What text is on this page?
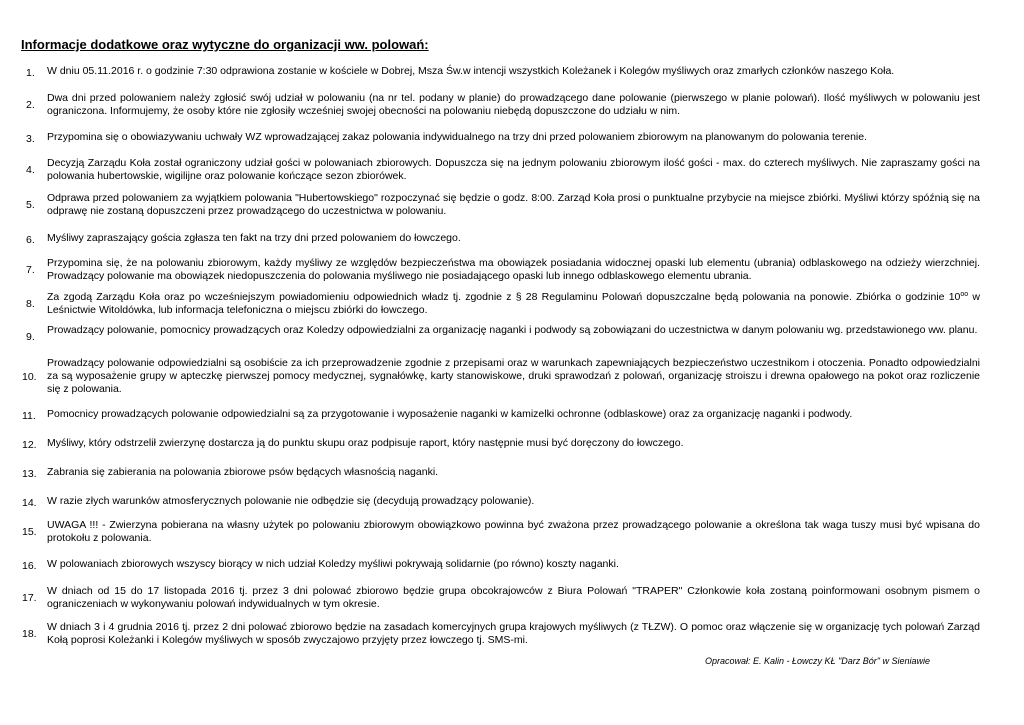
Informacje dodatkowe oraz wytyczne do organizacji ww. polowań:
1. W dniu 05.11.2016 r. o godzinie 7:30 odprawiona zostanie w kościele w Dobrej, Msza Św.w intencji wszystkich Koleżanek i Kolegów myśliwych oraz zmarłych członków naszego Koła.
2.
Dwa dni przed polowaniem należy zgłosić swój udział w polowaniu (na nr tel. podany w planie) do prowadzącego dane polowanie (pierwszego w planie polowań). Ilość myśliwych w polowaniu jest ograniczona. Informujemy, że osoby które nie zgłosiły wcześniej swojej obecności na polowaniu niebędą dopuszczone do udziału w nim.
3. Przypomina się o obowiazywaniu uchwały WZ wprowadzającej zakaz polowania indywidualnego na trzy dni przed polowaniem zbiorowym na planowanym do polowania terenie.
4.
Decyzją Zarządu Koła został ograniczony udział gości w polowaniach zbiorowych. Dopuszcza się na jednym polowaniu zbiorowym ilość gości - max. do czterech myśliwych. Nie zapraszamy gości na polowania hubertowskie, wigilijne oraz polowanie kończące sezon zbiorówek.
5.
Odprawa przed polowaniem za wyjątkiem polowania "Hubertowskiego" rozpoczynać się będzie o godz. 8:00. Zarząd Koła prosi o punktualne przybycie na miejsce zbiórki. Myśliwi którzy spóźnią się na odprawę nie zostaną dopuszczeni przez prowadzącego do uczestnictwa w polowaniu.
6. Myśliwy zapraszający gościa zgłasza ten fakt na trzy dni przed polowaniem do łowczego.
7.
Przypomina się, że na polowaniu zbiorowym, każdy myśliwy ze względów bezpieczeństwa ma obowiązek posiadania widocznej opaski lub elementu (ubrania) odblaskowego na odzieży wierzchniej. Prowadzący polowanie ma obowiązek niedopuszczenia do polowania myśliwego nie posiadającego opaski lub innego odblaskowego elementu ubrania.
8.
Za zgodą Zarządu Koła oraz po wcześniejszym powiadomieniu odpowiednich władz tj. zgodnie z § 28 Regulaminu Polowań dopuszczalne będą polowania na ponowie. Zbiórka o godzinie $10^{oo}$ w Leśnictwie Witoldówka, lub informacja telefoniczna o miejscu zbiórki do łowczego.
9.
Prowadzący polowanie, pomocnicy prowadzących oraz Koledzy odpowiedzialni za organizację naganki i podwody są zobowiązani do uczestnictwa w danym polowaniu wg. przedstawionego ww. planu.
10.
Prowadzący polowanie odpowiedzialni są osobiście za ich przeprowadzenie zgodnie z przepisami oraz w warunkach zapewniających bezpieczeństwo uczestnikom i otoczenia. Ponadto odpowiedzialni za są wyposażenie grupy w apteczkę pierwszej pomocy medycznej, sygnałówkę, karty stanowiskowe, druki sprawodzań z polowań, organizację stroiszu i drewna opałowego na pokot oraz rozliczenie się z polowania.
11. Pomocnicy prowadzących polowanie odpowiedzialni są za przygotowanie i wyposażenie naganki w kamizelki ochronne (odblaskowe) oraz za organizację naganki i podwody.
12. Myśliwy, który odstrzelił zwierzynę dostarcza ją do punktu skupu oraz podpisuje raport, który następnie musi być doręczony do łowczego.
13. Zabrania się zabierania na polowania zbiorowe psów będących własnością naganki.
14. W razie złych warunków atmosferycznych polowanie nie odbędzie się (decydują prowadzący polowanie).
15.
UWAGA !!! - Zwierzyna pobierana na własny użytek po polowaniu zbiorowym obowiązkowo powinna być zważona przez prowadzącego polowanie a określona tak waga tuszy musi być wpisana do protokołu z polowania.
16. W polowaniach zbiorowych wszyscy biorący w nich udział Koledzy myśliwi pokrywają solidarnie (po równo) koszty naganki.
17.
W dniach od 15 do 17 listopada 2016 tj. przez 3 dni polować zbiorowo będzie grupa obcokrajowców z Biura Polowań "TRAPER" Członkowie koła zostaną poinformowani osobnym pismem o ograniczeniach w wykonywaniu polowań indywidualnych w tym okresie.
18.
W dniach 3 i 4 grudnia 2016 tj. przez 2 dni polować zbiorowo będzie na zasadach komercyjnych grupa krajowych myśliwych (z TŁZW). O pomoc oraz włączenie się w organizację tych polowań Zarząd Kołą poprosi Koleżanki i Kolegów myśliwych w sposób zwyczajowo przyjęty przez łowczego tj. SMS-mi.
Opracował: E. Kalin - Łowczy KŁ "Darz Bór" w Sieniawie
